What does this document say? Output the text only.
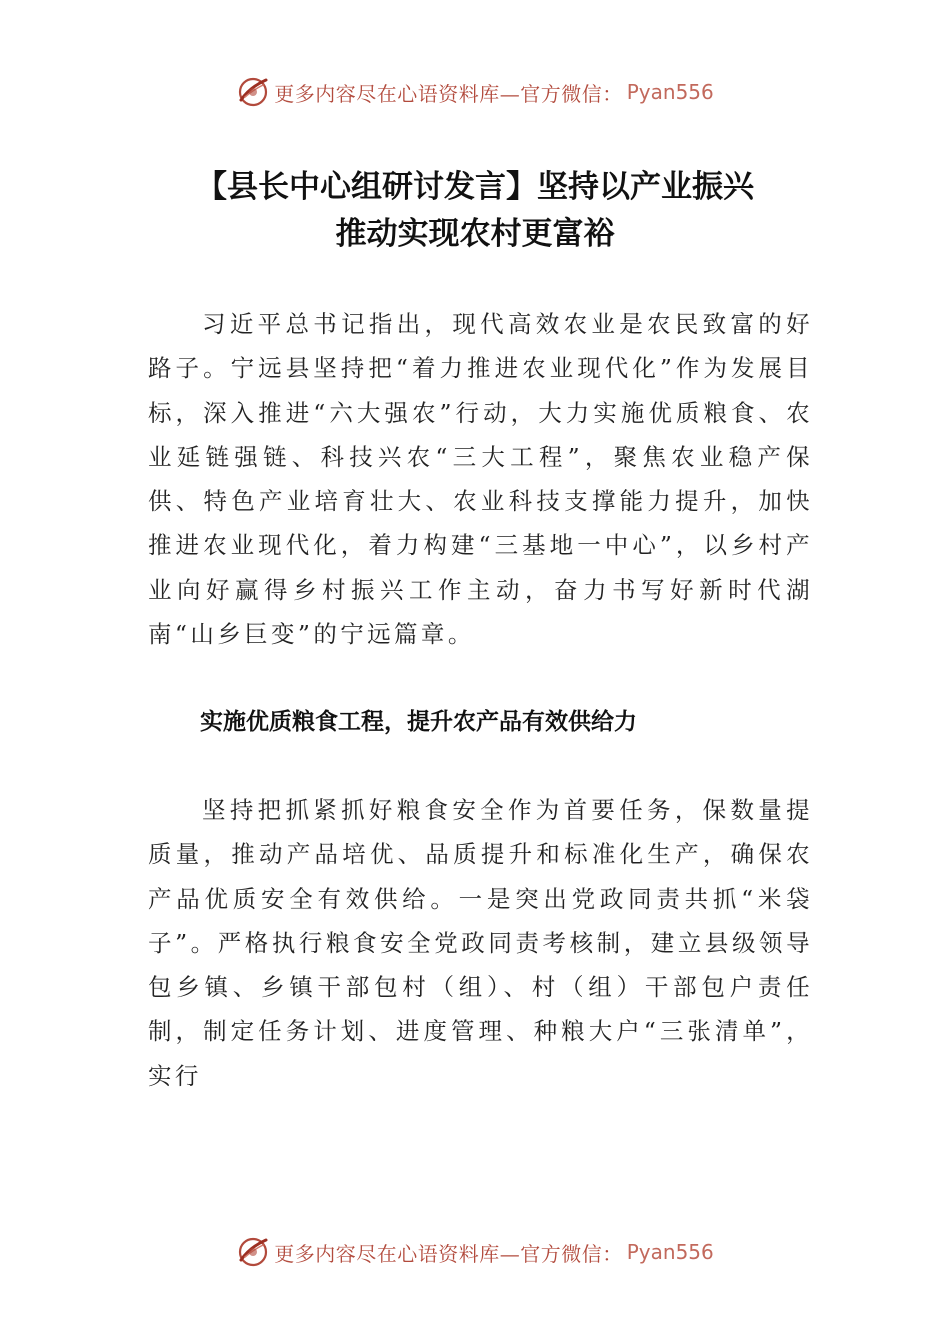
更多内容尽在心语资料库—官方微信： Pyan556
【县长中心组研讨发言】坚持以产业振兴
推动实现农村更富裕

习近平总书记指出，现代高效农业是农民致富的好路子。宁远县坚持把“着力推进农业现代化”作为发展目标，深入推进“六大强农”行动，大力实施优质粮食、农业延链强链、科技兴农“三大工程”，聚焦农业稳产保供、特色产业培育壮大、农业科技支撑能力提升，加快推进农业现代化，着力构建“三基地一中心”，以乡村产业向好赢得乡村振兴工作主动，奋力书写好新时代湖南“山乡巨变”的宁远篇章。

实施优质粮食工程，提升农产品有效供给力

坚持把抓紧抓好粮食安全作为首要任务，保数量提质量，推动产品培优、品质提升和标准化生产，确保农产品优质安全有效供给。一是突出党政同责共抓“米袋子”。严格执行粮食安全党政同责考核制，建立县级领导包乡镇、乡镇干部包村（组）、村（组）干部包户责任制，制定任务计划、进度管理、种粮大户“三张清单”，实行

更多内容尽在心语资料库—官方微信： Pyan556
